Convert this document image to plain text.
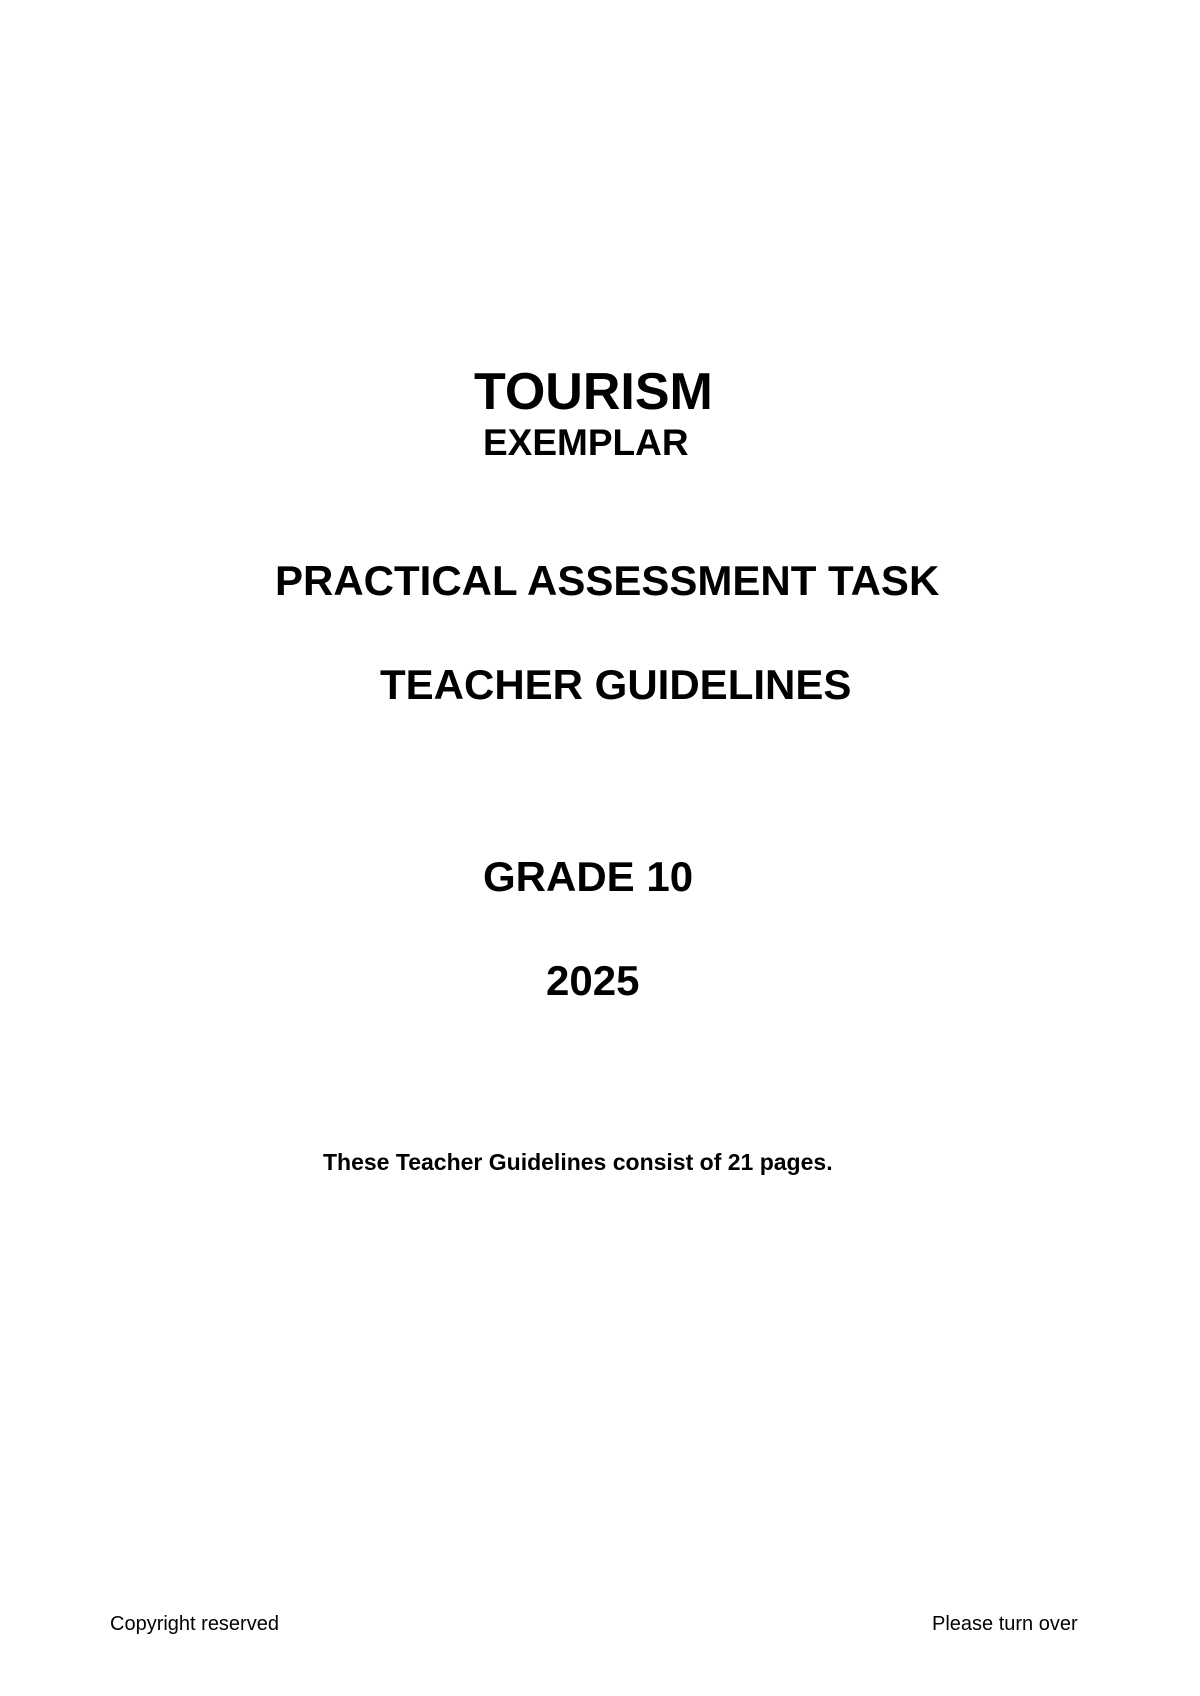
TOURISM
EXEMPLAR
PRACTICAL ASSESSMENT TASK
TEACHER GUIDELINES
GRADE 10
2025
These Teacher Guidelines consist of 21 pages.
Copyright reserved	Please turn over
